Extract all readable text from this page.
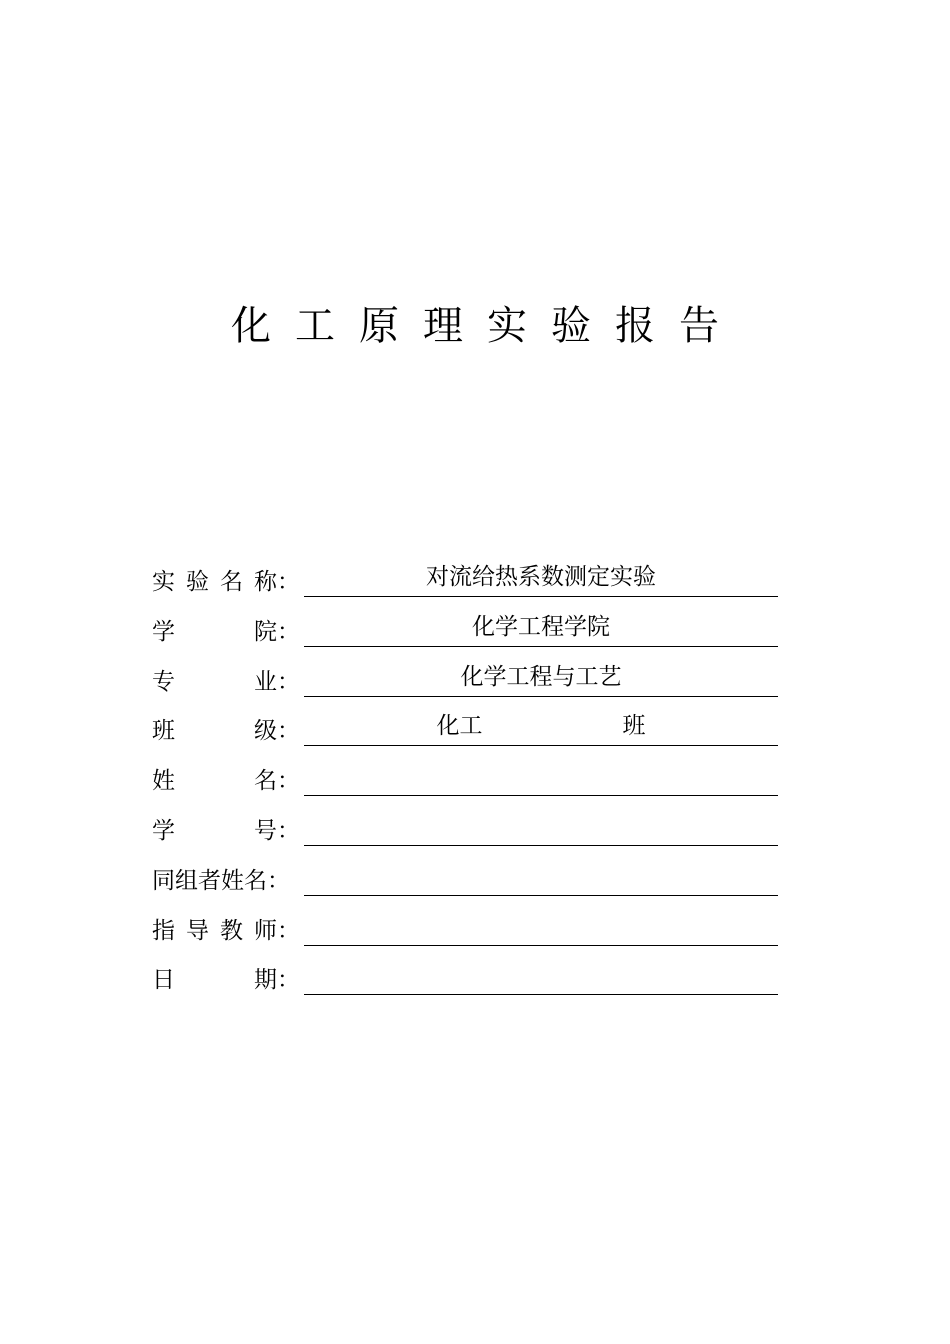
化工原理实验报告
实 验 名 称：	对流给热系数测定实验
学	院：	化学工程学院
专	业：	化学工程与工艺
班	级：	化工	班
姓	名：
学	号：
同组者姓名：
指 导 教 师：
日	期：
